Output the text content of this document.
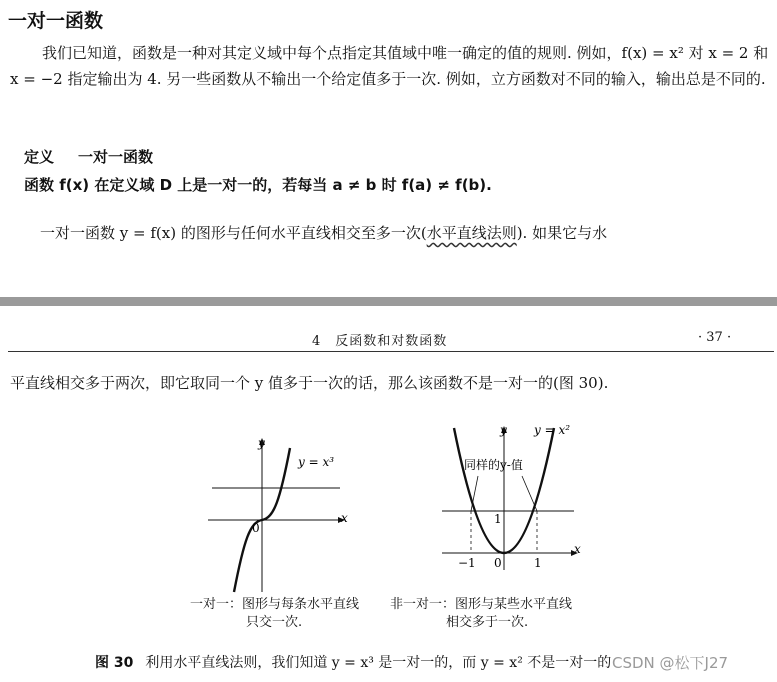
一对一函数
我们已知道，函数是一种对其定义域中每个点指定其值域中唯一确定的值的规则. 例如，f(x) = x² 对 x = 2 和 x = −2 指定输出为 4. 另一些函数从不输出一个给定值多于一次. 例如，立方函数对不同的输入，输出总是不同的.
定义 一对一函数
函数 f(x) 在定义域 D 上是一对一的，若每当 a ≠ b 时 f(a) ≠ f(b).
一对一函数 y = f(x) 的图形与任何水平直线相交至多一次(水平直线法则). 如果它与水
4　反函数和对数函数	· 37 ·
平直线相交多于两次，即它取同一个 y 值多于一次的话，那么该函数不是一对一的(图 30).
y = x³
y
x
0
同样的y-值
y = x²
y
x
0
−1	1
1
一对一：图形与每条水平直线
只交一次.
非一对一：图形与某些水平直线
相交多于一次.
图 30 利用水平直线法则，我们知道 y = x³ 是一对一的，而 y = x² 不是一对一的 CSDN @松下J27
